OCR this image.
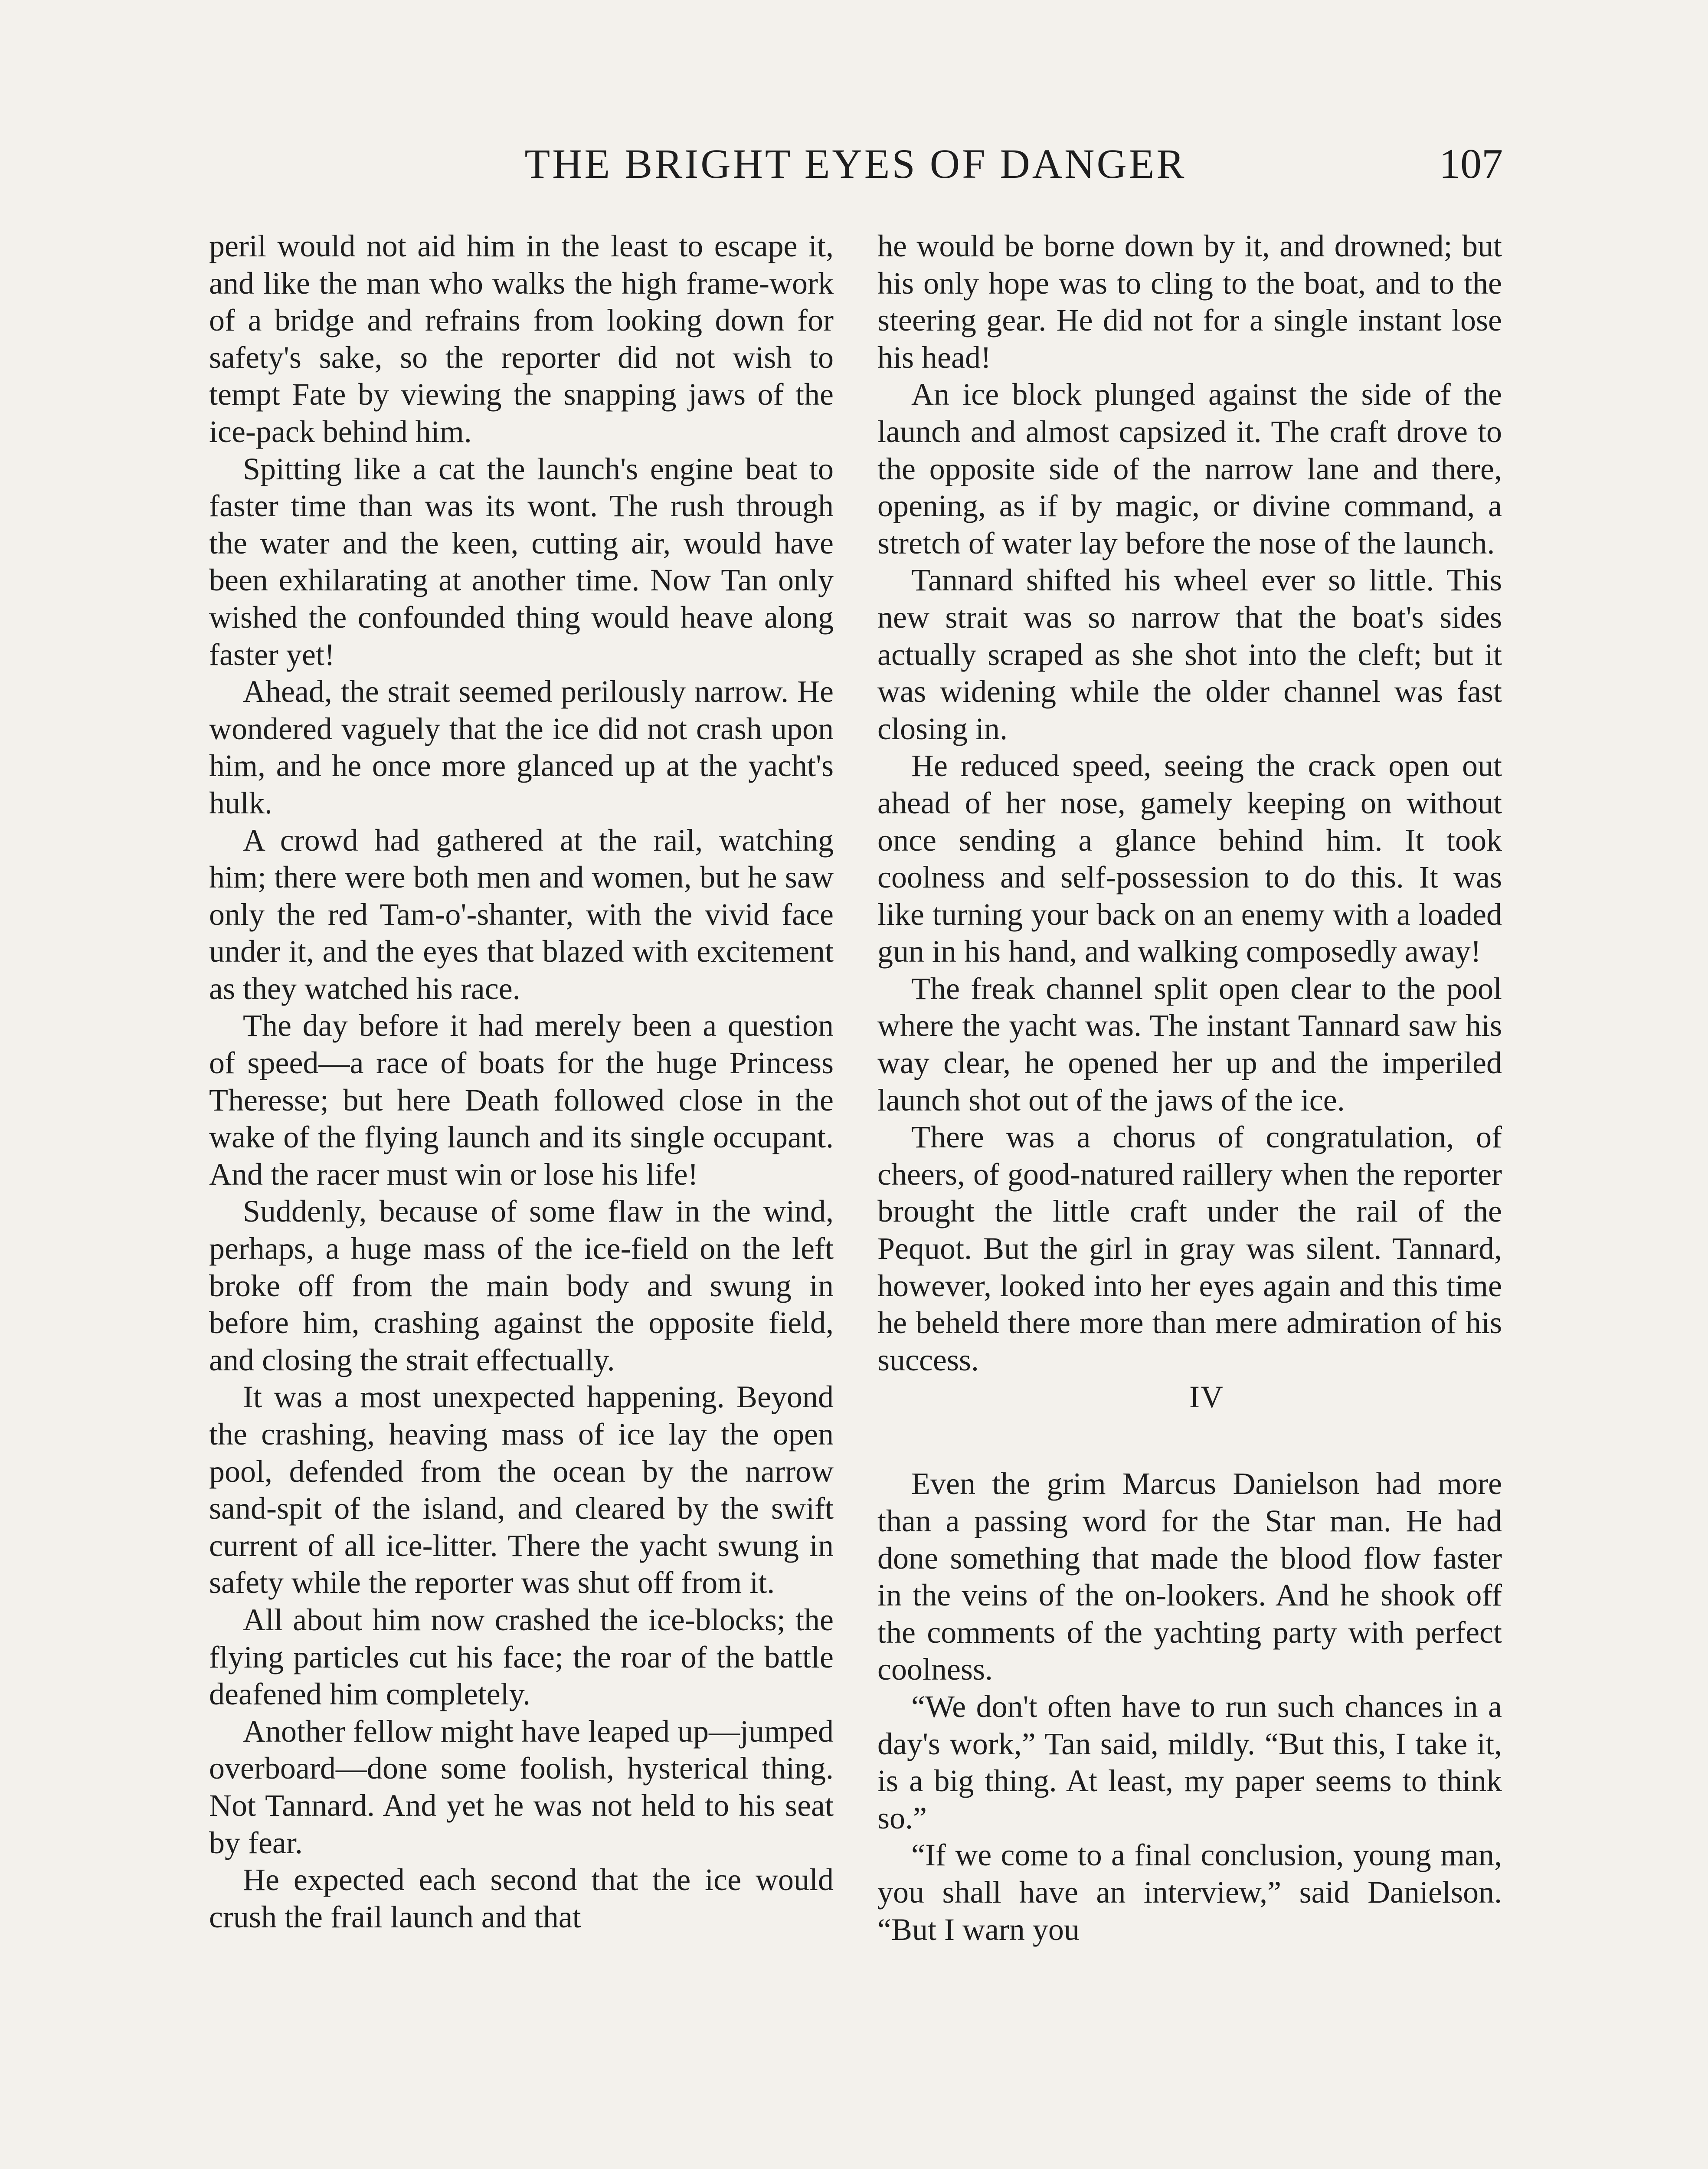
THE BRIGHT EYES OF DANGER	107

peril would not aid him in the least to escape it, and like the man who walks the high frame-work of a bridge and refrains from looking down for safety's sake, so the reporter did not wish to tempt Fate by viewing the snapping jaws of the ice-pack behind him.

Spitting like a cat the launch's engine beat to faster time than was its wont. The rush through the water and the keen, cutting air, would have been exhilarating at another time. Now Tan only wished the confounded thing would heave along faster yet!

Ahead, the strait seemed perilously narrow. He wondered vaguely that the ice did not crash upon him, and he once more glanced up at the yacht's hulk.

A crowd had gathered at the rail, watching him; there were both men and women, but he saw only the red Tam-o'-shanter, with the vivid face under it, and the eyes that blazed with excitement as they watched his race.

The day before it had merely been a question of speed—a race of boats for the huge Princess Theresse; but here Death followed close in the wake of the flying launch and its single occupant. And the racer must win or lose his life!

Suddenly, because of some flaw in the wind, perhaps, a huge mass of the ice-field on the left broke off from the main body and swung in before him, crashing against the opposite field, and closing the strait effectually.

It was a most unexpected happening. Beyond the crashing, heaving mass of ice lay the open pool, defended from the ocean by the narrow sand-spit of the island, and cleared by the swift current of all ice-litter. There the yacht swung in safety while the reporter was shut off from it.

All about him now crashed the ice-blocks; the flying particles cut his face; the roar of the battle deafened him completely.

Another fellow might have leaped up—jumped overboard—done some foolish, hysterical thing. Not Tannard. And yet he was not held to his seat by fear.

He expected each second that the ice would crush the frail launch and that

he would be borne down by it, and drowned; but his only hope was to cling to the boat, and to the steering gear. He did not for a single instant lose his head!

An ice block plunged against the side of the launch and almost capsized it. The craft drove to the opposite side of the narrow lane and there, opening, as if by magic, or divine command, a stretch of water lay before the nose of the launch.

Tannard shifted his wheel ever so little. This new strait was so narrow that the boat's sides actually scraped as she shot into the cleft; but it was widening while the older channel was fast closing in.

He reduced speed, seeing the crack open out ahead of her nose, gamely keeping on without once sending a glance behind him. It took coolness and self-possession to do this. It was like turning your back on an enemy with a loaded gun in his hand, and walking composedly away!

The freak channel split open clear to the pool where the yacht was. The instant Tannard saw his way clear, he opened her up and the imperiled launch shot out of the jaws of the ice.

There was a chorus of congratulation, of cheers, of good-natured raillery when the reporter brought the little craft under the rail of the Pequot. But the girl in gray was silent. Tannard, however, looked into her eyes again and this time he beheld there more than mere admiration of his success.

IV

Even the grim Marcus Danielson had more than a passing word for the Star man. He had done something that made the blood flow faster in the veins of the on-lookers. And he shook off the comments of the yachting party with perfect coolness.

“We don't often have to run such chances in a day's work,” Tan said, mildly. “But this, I take it, is a big thing. At least, my paper seems to think so.”

“If we come to a final conclusion, young man, you shall have an interview,” said Danielson. “But I warn you
